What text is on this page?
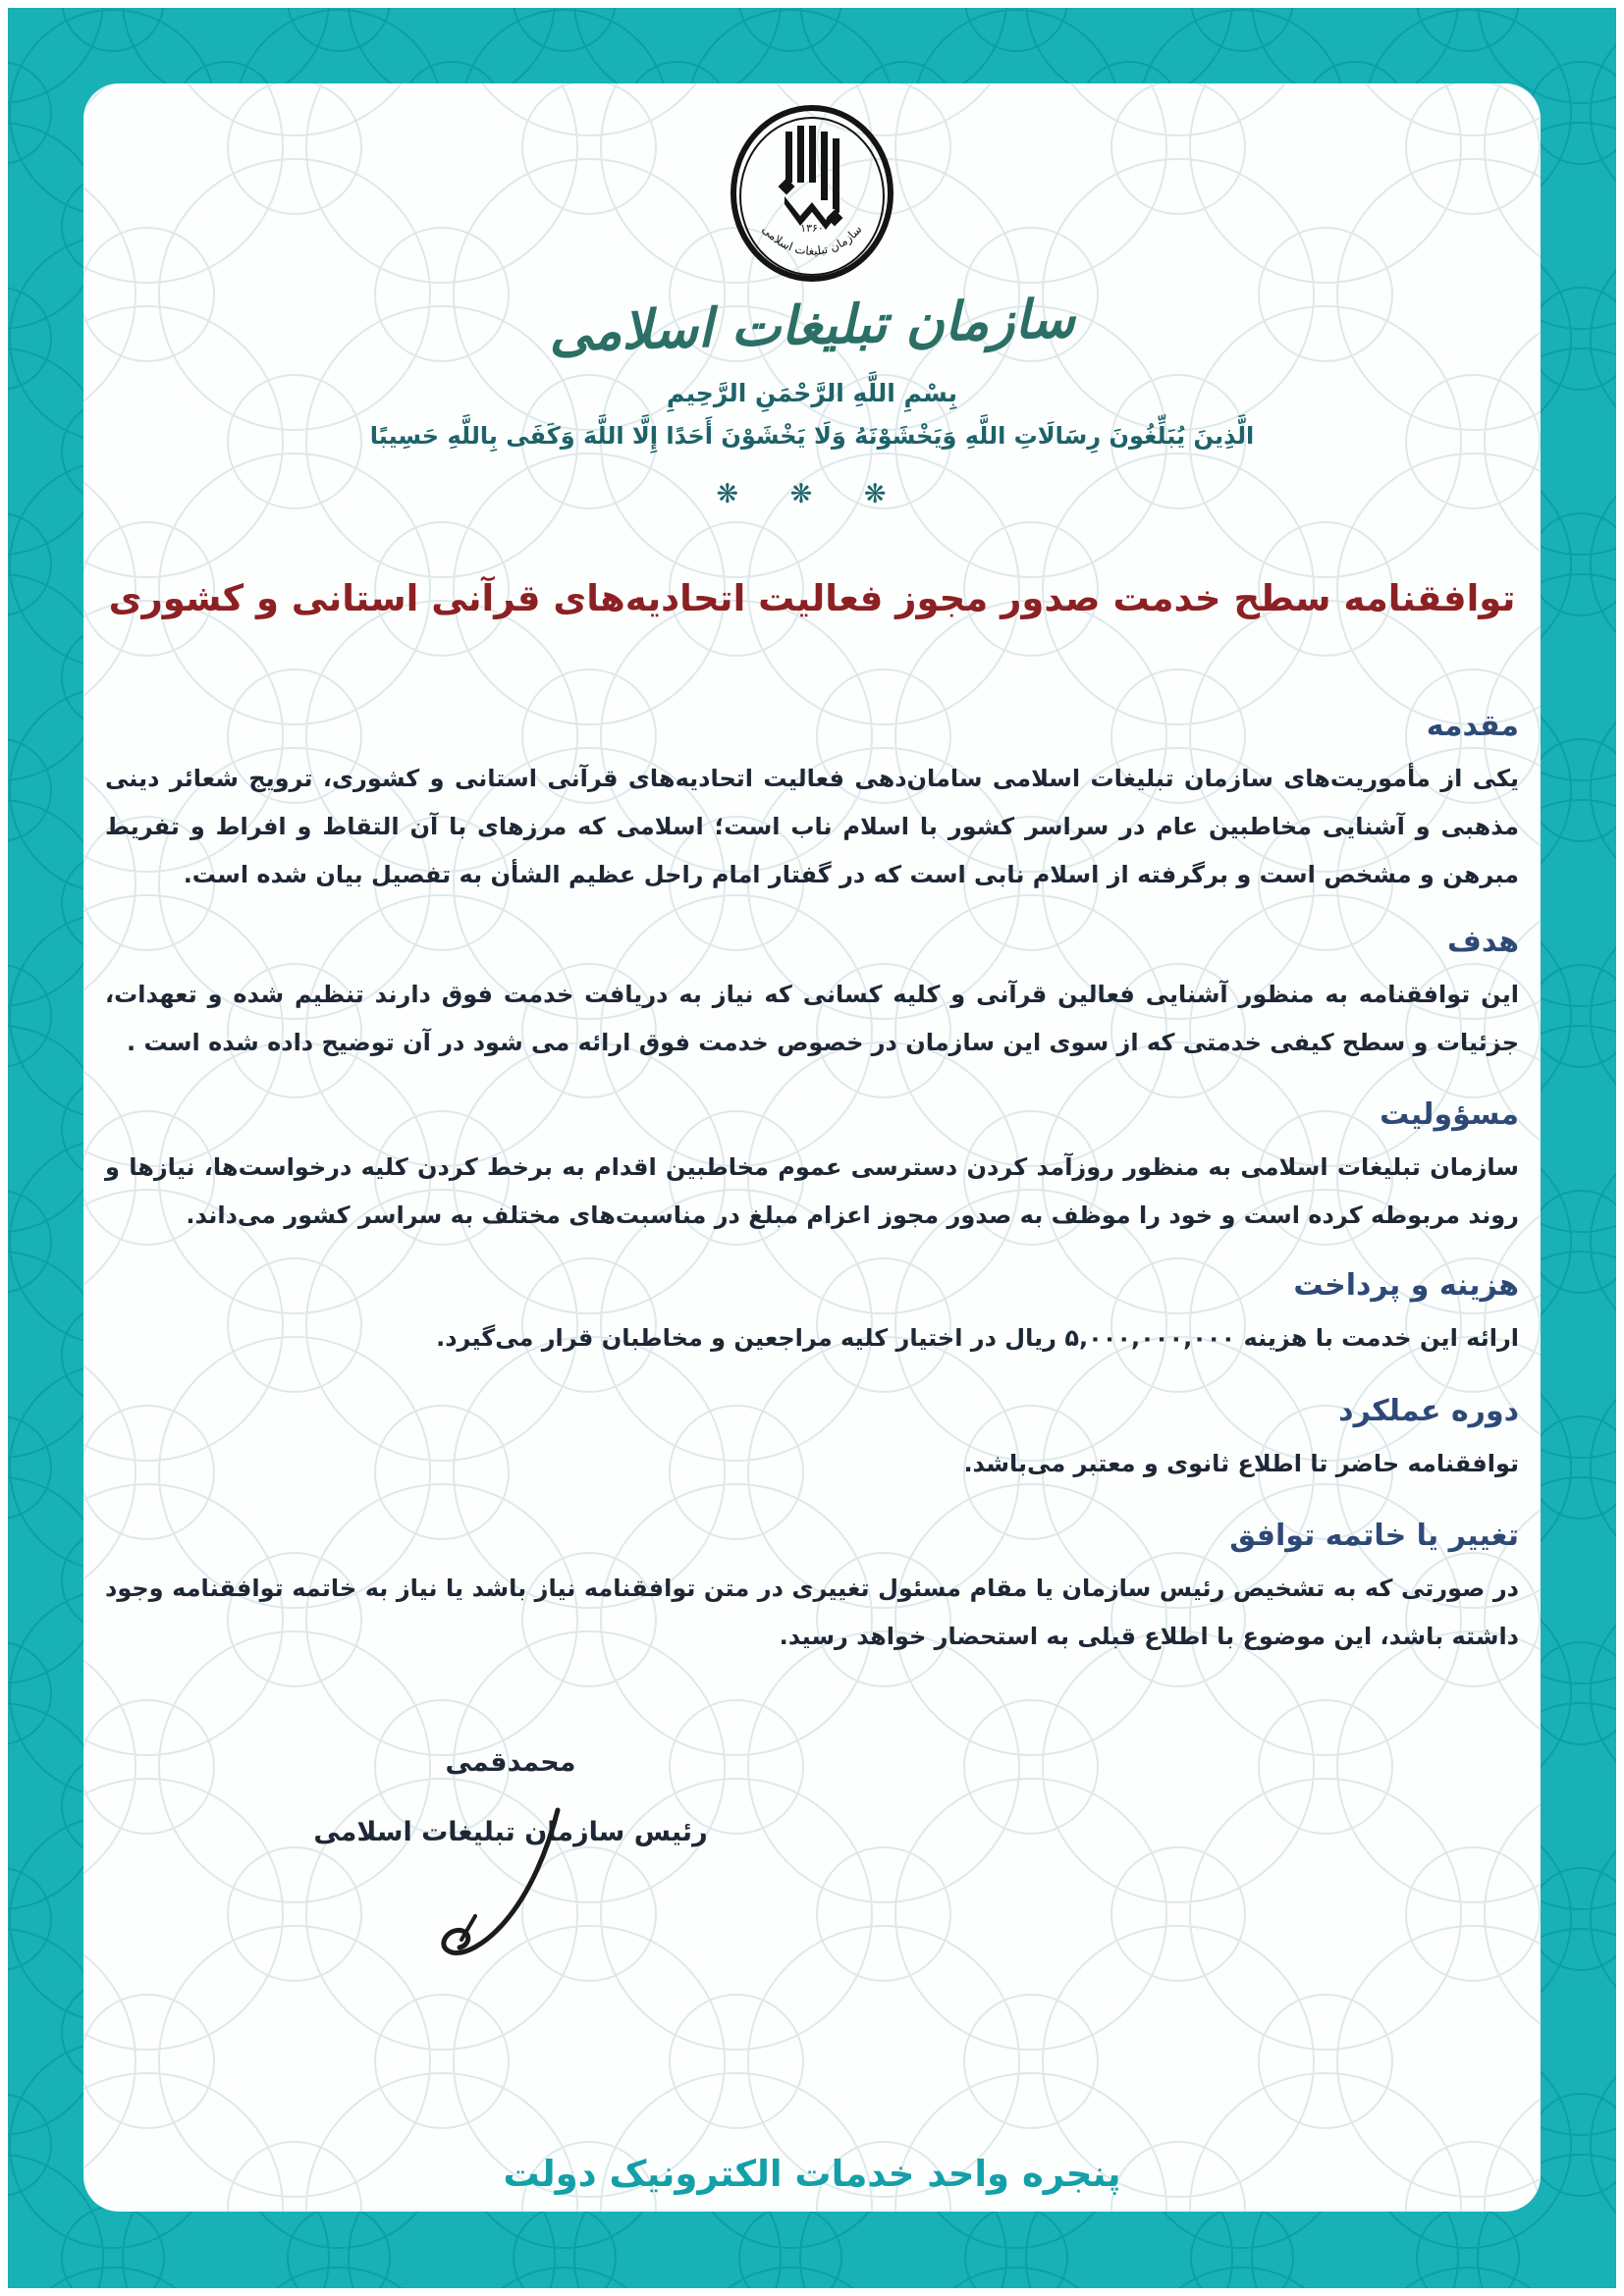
۱۳۶۰
سازمان تبلیغات اسلامی
سازمان تبلیغات اسلامی
بِسْمِ اللَّهِ الرَّحْمَنِ الرَّحِيمِ
الَّذِينَ يُبَلِّغُونَ رِسَالَاتِ اللَّهِ وَيَخْشَوْنَهُ وَلَا يَخْشَوْنَ أَحَدًا إِلَّا اللَّهَ وَكَفَى بِاللَّهِ حَسِيبًا
❋ ❋ ❋
توافقنامه سطح خدمت صدور مجوز فعالیت اتحادیه‌های قرآنی استانی و کشوری
مقدمه

یکی از مأموریت‌های سازمان تبلیغات اسلامی سامان‌دهی فعالیت اتحادیه‌های قرآنی استانی و کشوری، ترویج شعائر دینی مذهبی و آشنایی مخاطبین عام در سراسر کشور با اسلام ناب است؛ اسلامی که مرزهای با آن التقاط و افراط و تفریط مبرهن و مشخص است و برگرفته از اسلام نابی است که در گفتار امام راحل عظیم الشأن به تفصیل بیان شده است.

هدف

این توافقنامه به منظور آشنایی فعالین قرآنی و کلیه کسانی که نیاز به دریافت خدمت فوق دارند تنظیم شده و تعهدات، جزئیات و سطح کیفی خدمتی که از سوی این سازمان در خصوص خدمت فوق ارائه می شود در آن توضیح داده شده است .

مسؤولیت

سازمان تبلیغات اسلامی به منظور روزآمد کردن دسترسی عموم مخاطبین اقدام به برخط کردن کلیه درخواست‌ها، نیازها و روند مربوطه کرده است و خود را موظف به صدور مجوز اعزام مبلغ در مناسبت‌های مختلف به سراسر کشور می‌داند.

هزینه و پرداخت

ارائه این خدمت با هزینه ۵,۰۰۰,۰۰۰,۰۰۰ ریال در اختیار کلیه مراجعین و مخاطبان قرار می‌گیرد.

دوره عملکرد

توافقنامه حاضر تا اطلاع ثانوی و معتبر می‌باشد.

تغییر یا خاتمه توافق

در صورتی که به تشخیص رئیس سازمان یا مقام مسئول تغییری در متن توافقنامه نیاز باشد یا نیاز به خاتمه توافقنامه وجود داشته باشد، این موضوع با اطلاع قبلی به استحضار خواهد رسید.

محمدقمی
رئیس سازمان تبلیغات اسلامی
پنجره واحد خدمات الکترونیک دولت
